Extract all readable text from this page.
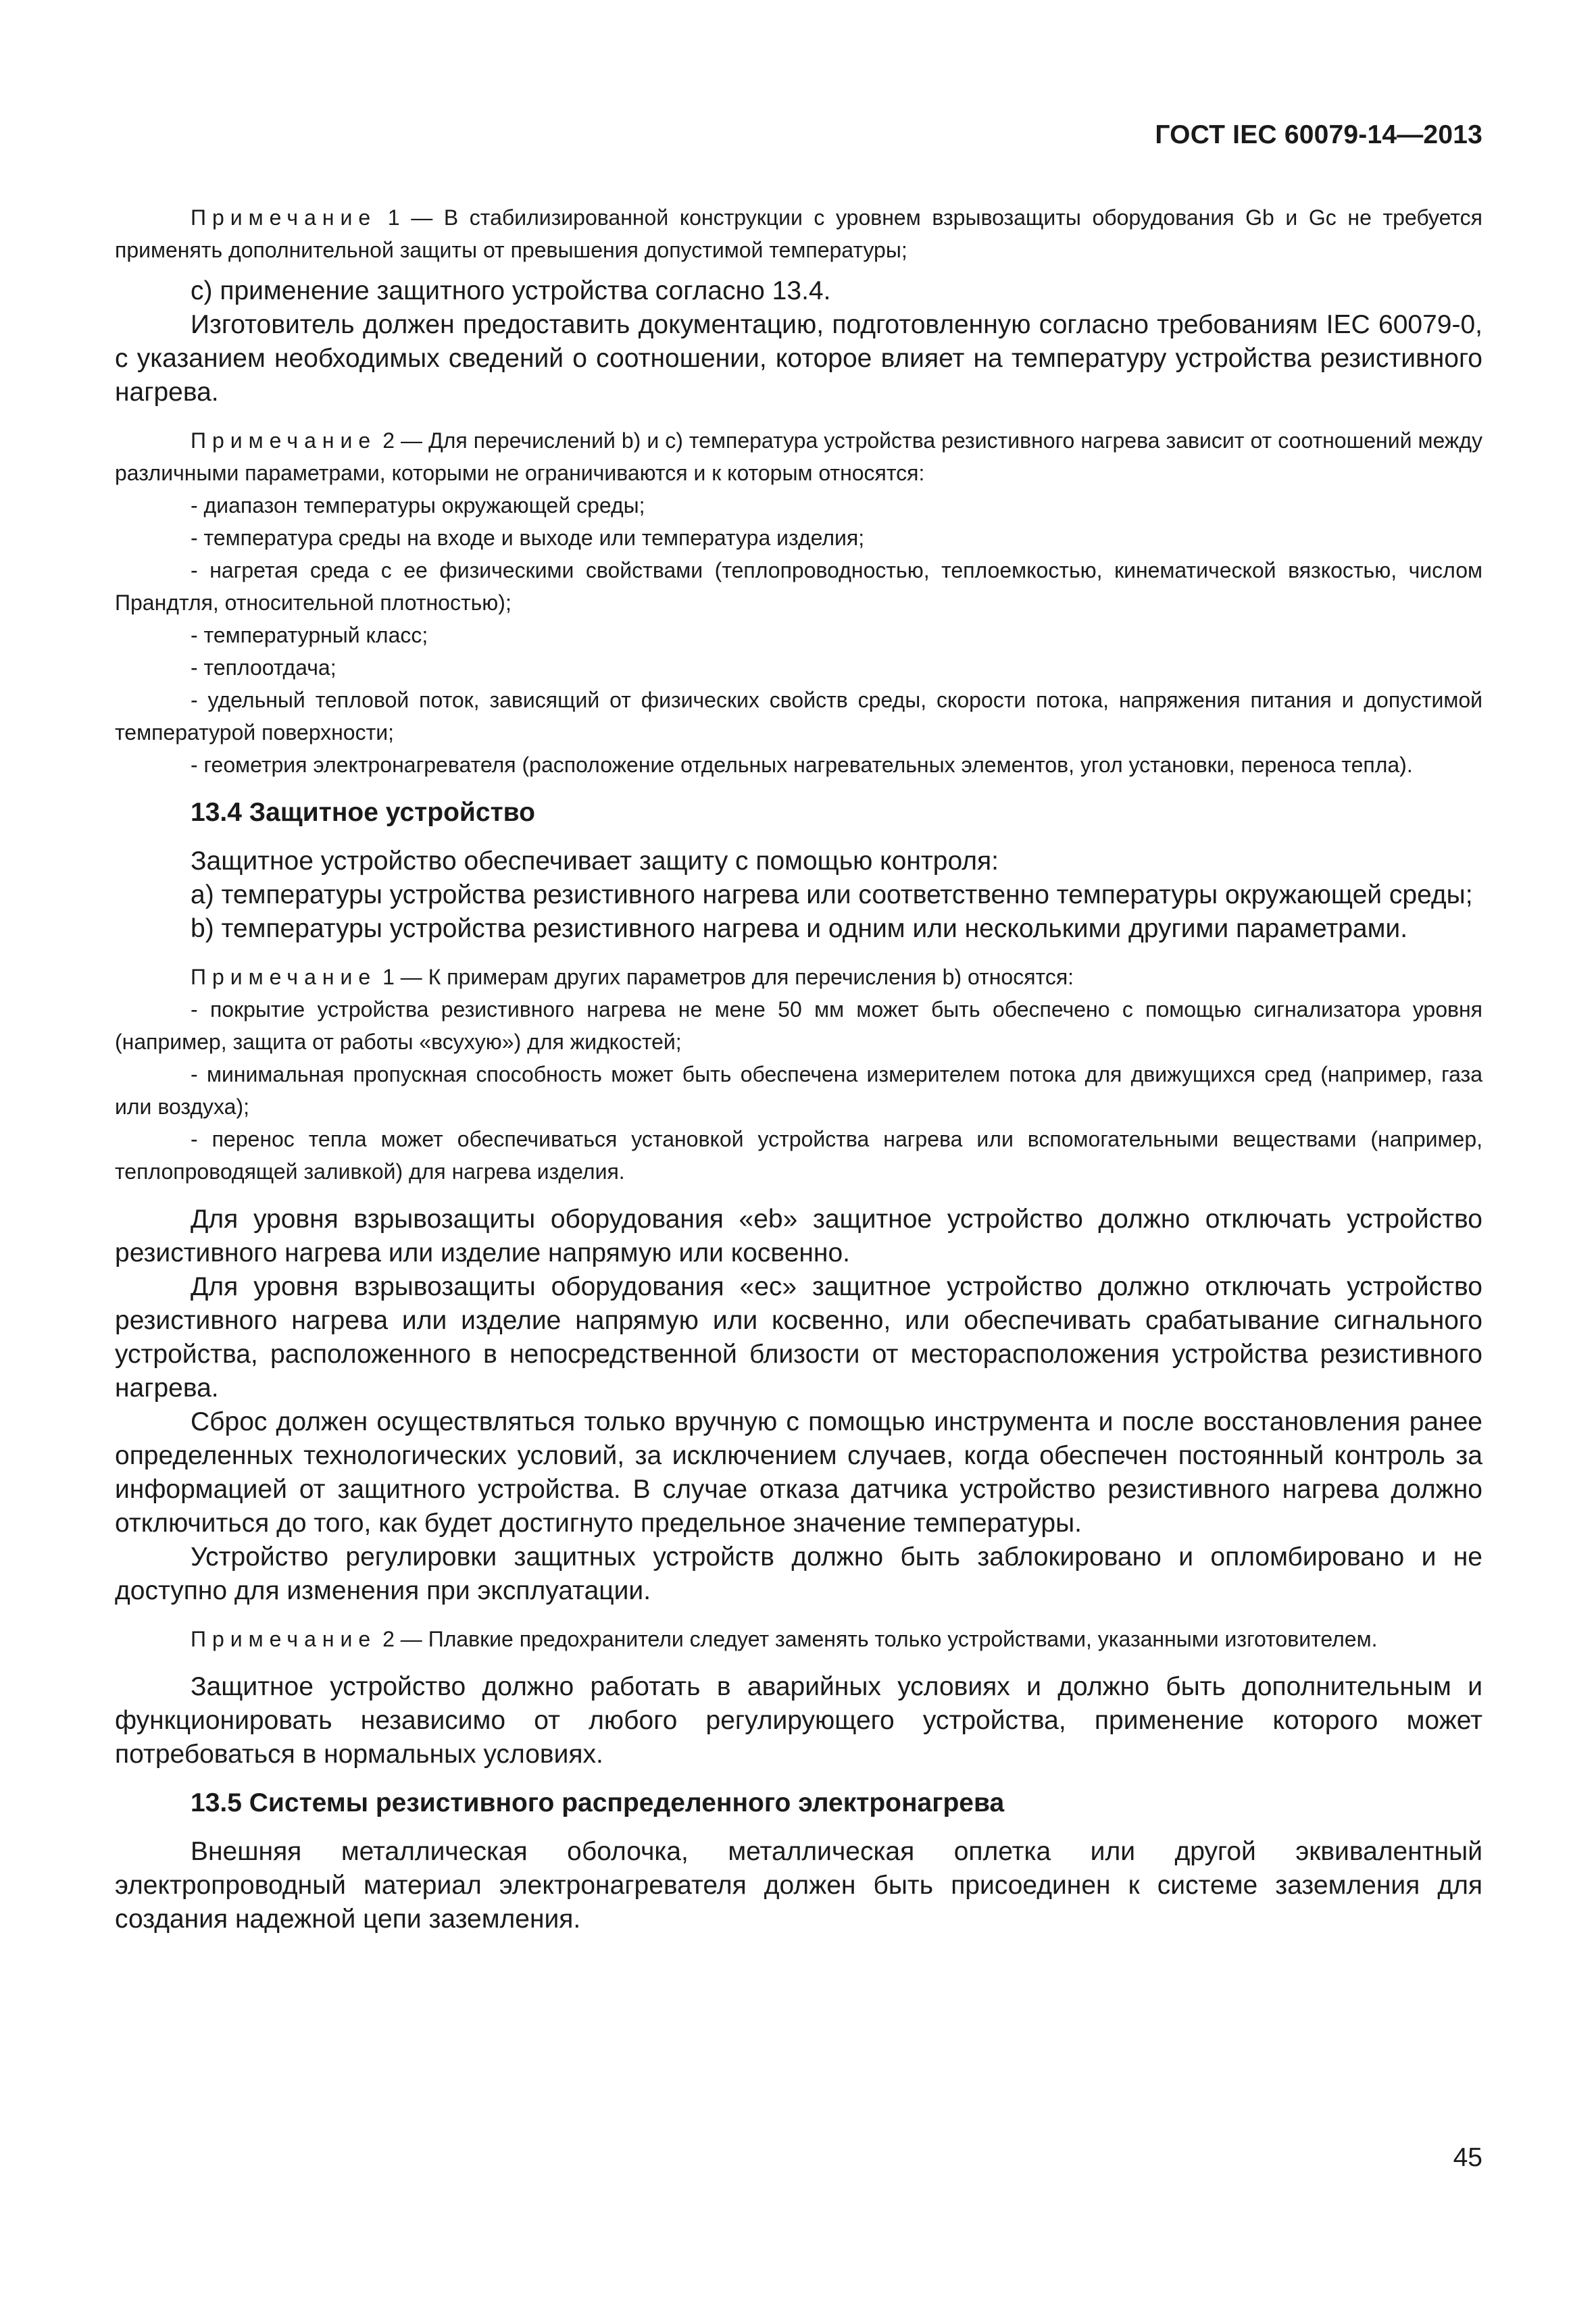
ГОСТ IEC 60079-14—2013

Примечание 1 — В стабилизированной конструкции с уровнем взрывозащиты оборудования Gb и Gc не требуется применять дополнительной защиты от превышения допустимой температуры;

с) применение защитного устройства согласно 13.4.

Изготовитель должен предоставить документацию, подготовленную согласно требованиям IEC 60079-0, с указанием необходимых сведений о соотношении, которое влияет на температуру устройства резистивного нагрева.

Примечание 2 — Для перечислений b) и с) температура устройства резистивного нагрева зависит от соотношений между различными параметрами, которыми не ограничиваются и к которым относятся:

- диапазон температуры окружающей среды;

- температура среды на входе и выходе или температура изделия;

- нагретая среда с ее физическими свойствами (теплопроводностью, теплоемкостью, кинематической вязкостью, числом Прандтля, относительной плотностью);

- температурный класс;

- теплоотдача;

- удельный тепловой поток, зависящий от физических свойств среды, скорости потока, напряжения питания и допустимой температурой поверхности;

- геометрия электронагревателя (расположение отдельных нагревательных элементов, угол установки, переноса тепла).

13.4 Защитное устройство

Защитное устройство обеспечивает защиту с помощью контроля:

а) температуры устройства резистивного нагрева или соответственно температуры окружающей среды;

b) температуры устройства резистивного нагрева и одним или несколькими другими параметрами.

Примечание 1 — К примерам других параметров для перечисления b) относятся:

- покрытие устройства резистивного нагрева не мене 50 мм может быть обеспечено с помощью сигнализатора уровня (например, защита от работы «всухую») для жидкостей;

- минимальная пропускная способность может быть обеспечена измерителем потока для движущихся сред (например, газа или воздуха);

- перенос тепла может обеспечиваться установкой устройства нагрева или вспомогательными веществами (например, теплопроводящей заливкой) для нагрева изделия.

Для уровня взрывозащиты оборудования «eb» защитное устройство должно отключать устройство резистивного нагрева или изделие напрямую или косвенно.

Для уровня взрывозащиты оборудования «ec» защитное устройство должно отключать устройство резистивного нагрева или изделие напрямую или косвенно, или обеспечивать срабатывание сигнального устройства, расположенного в непосредственной близости от месторасположения устройства резистивного нагрева.

Сброс должен осуществляться только вручную с помощью инструмента и после восстановления ранее определенных технологических условий, за исключением случаев, когда обеспечен постоянный контроль за информацией от защитного устройства. В случае отказа датчика устройство резистивного нагрева должно отключиться до того, как будет достигнуто предельное значение температуры.

Устройство регулировки защитных устройств должно быть заблокировано и опломбировано и не доступно для изменения при эксплуатации.

Примечание 2 — Плавкие предохранители следует заменять только устройствами, указанными изготовителем.

Защитное устройство должно работать в аварийных условиях и должно быть дополнительным и функционировать независимо от любого регулирующего устройства, применение которого может потребоваться в нормальных условиях.

13.5 Системы резистивного распределенного электронагрева

Внешняя металлическая оболочка, металлическая оплетка или другой эквивалентный электропроводный материал электронагревателя должен быть присоединен к системе заземления для создания надежной цепи заземления.

45
